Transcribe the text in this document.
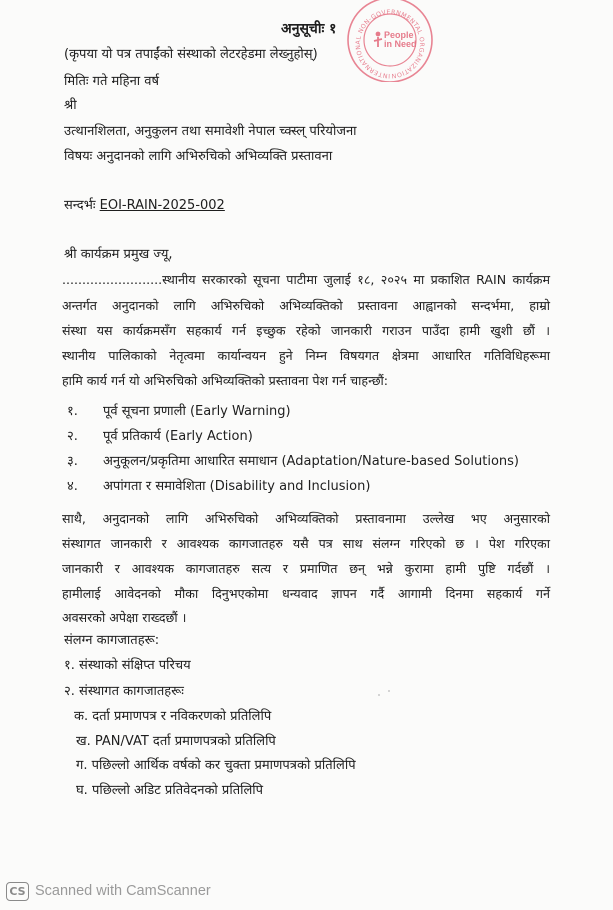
अनुसूचीः १
INTERNATIONAL NON-GOVERNMENTAL ORGANIZATION
People
in Need
(कृपया यो पत्र तपाईंको संस्थाको लेटरहेडमा लेख्नुहोस्)
मितिः गते महिना वर्ष
श्री
उत्थानशिलता, अनुकुलन तथा समावेशी नेपाल च्क्स्ल् परियोजना
विषयः अनुदानको लागि अभिरुचिको अभिव्यक्ति प्रस्तावना
सन्दर्भः EOI-RAIN-2025-002
श्री कार्यक्रम प्रमुख ज्यू,
.........................स्थानीय सरकारको सूचना पाटीमा जुलाई १८, २०२५ मा प्रकाशित RAIN कार्यक्रम
अन्तर्गत अनुदानको लागि अभिरुचिको अभिव्यक्तिको प्रस्तावना आह्वानको सन्दर्भमा, हाम्रो
संस्था यस कार्यक्रमसँग सहकार्य गर्न इच्छुक रहेको जानकारी गराउन पाउँदा हामी खुशी छौं ।
स्थानीय पालिकाको नेतृत्वमा कार्यान्वयन हुने निम्न विषयगत क्षेत्रमा आधारित गतिविधिहरूमा
हामि कार्य गर्न यो अभिरुचिको अभिव्यक्तिको प्रस्तावना पेश गर्न चाहन्छौं:
१. पूर्व सूचना प्रणाली (Early Warning)
२. पूर्व प्रतिकार्य (Early Action)
३. अनुकूलन/प्रकृतिमा आधारित समाधान (Adaptation/Nature-based Solutions)
४. अपांगता र समावेशिता (Disability and Inclusion)
साथै, अनुदानको लागि अभिरुचिको अभिव्यक्तिको प्रस्तावनामा उल्लेख भए अनुसारको
संस्थागत जानकारी र आवश्यक कागजातहरु यसै पत्र साथ संलग्न गरिएको छ । पेश गरिएका
जानकारी र आवश्यक कागजातहरु सत्य र प्रमाणित छन् भन्ने कुरामा हामी पुष्टि गर्दछौं ।
हामीलाई आवेदनको मौका दिनुभएकोमा धन्यवाद ज्ञापन गर्दै आगामी दिनमा सहकार्य गर्ने
अवसरको अपेक्षा राख्दछौं ।
संलग्न कागजातहरू:
१. संस्थाको संक्षिप्त परिचय
२. संस्थागत कागजातहरूः
क. दर्ता प्रमाणपत्र र नविकरणको प्रतिलिपि
ख. PAN/VAT दर्ता प्रमाणपत्रको प्रतिलिपि
ग. पछिल्लो आर्थिक वर्षको कर चुक्ता प्रमाणपत्रको प्रतिलिपि
घ. पछिल्लो अडिट प्रतिवेदनको प्रतिलिपि
CS Scanned with CamScanner
